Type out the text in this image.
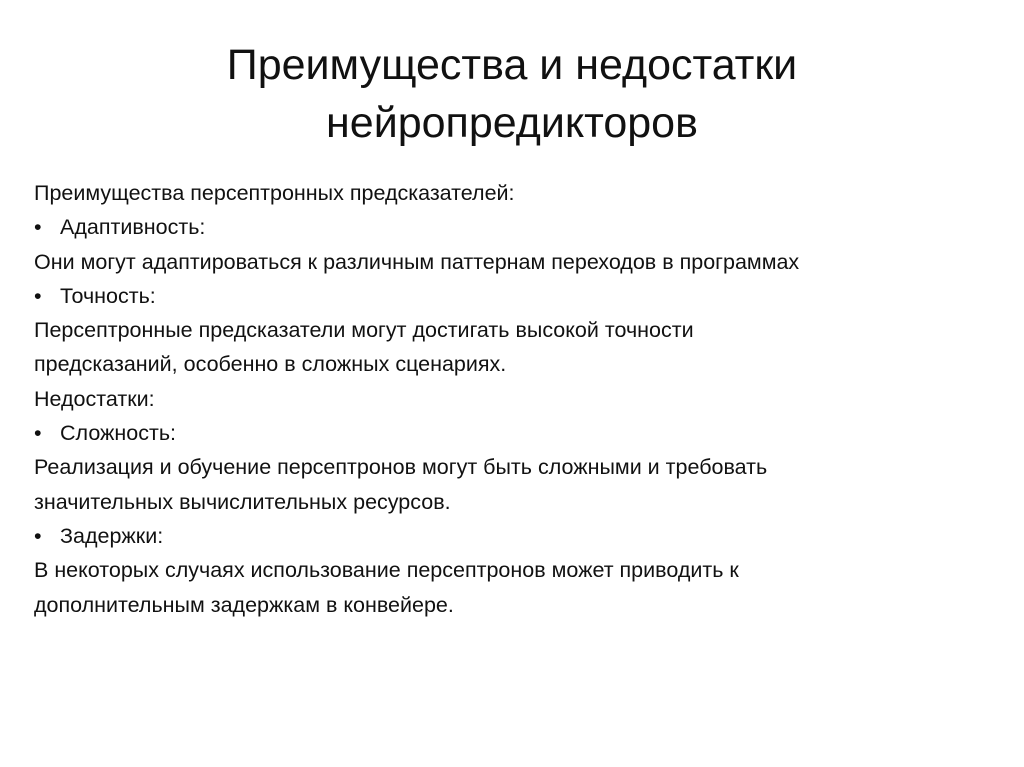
Преимущества и недостатки
нейропредикторов
Преимущества персептронных предсказателей:
• Адаптивность:
Они могут адаптироваться к различным паттернам переходов в программах
• Точность:
Персептронные предсказатели могут достигать высокой точности
предсказаний, особенно в сложных сценариях.
Недостатки:
• Сложность:
Реализация и обучение персептронов могут быть сложными и требовать
значительных вычислительных ресурсов.
• Задержки:
В некоторых случаях использование персептронов может приводить к
дополнительным задержкам в конвейере.
